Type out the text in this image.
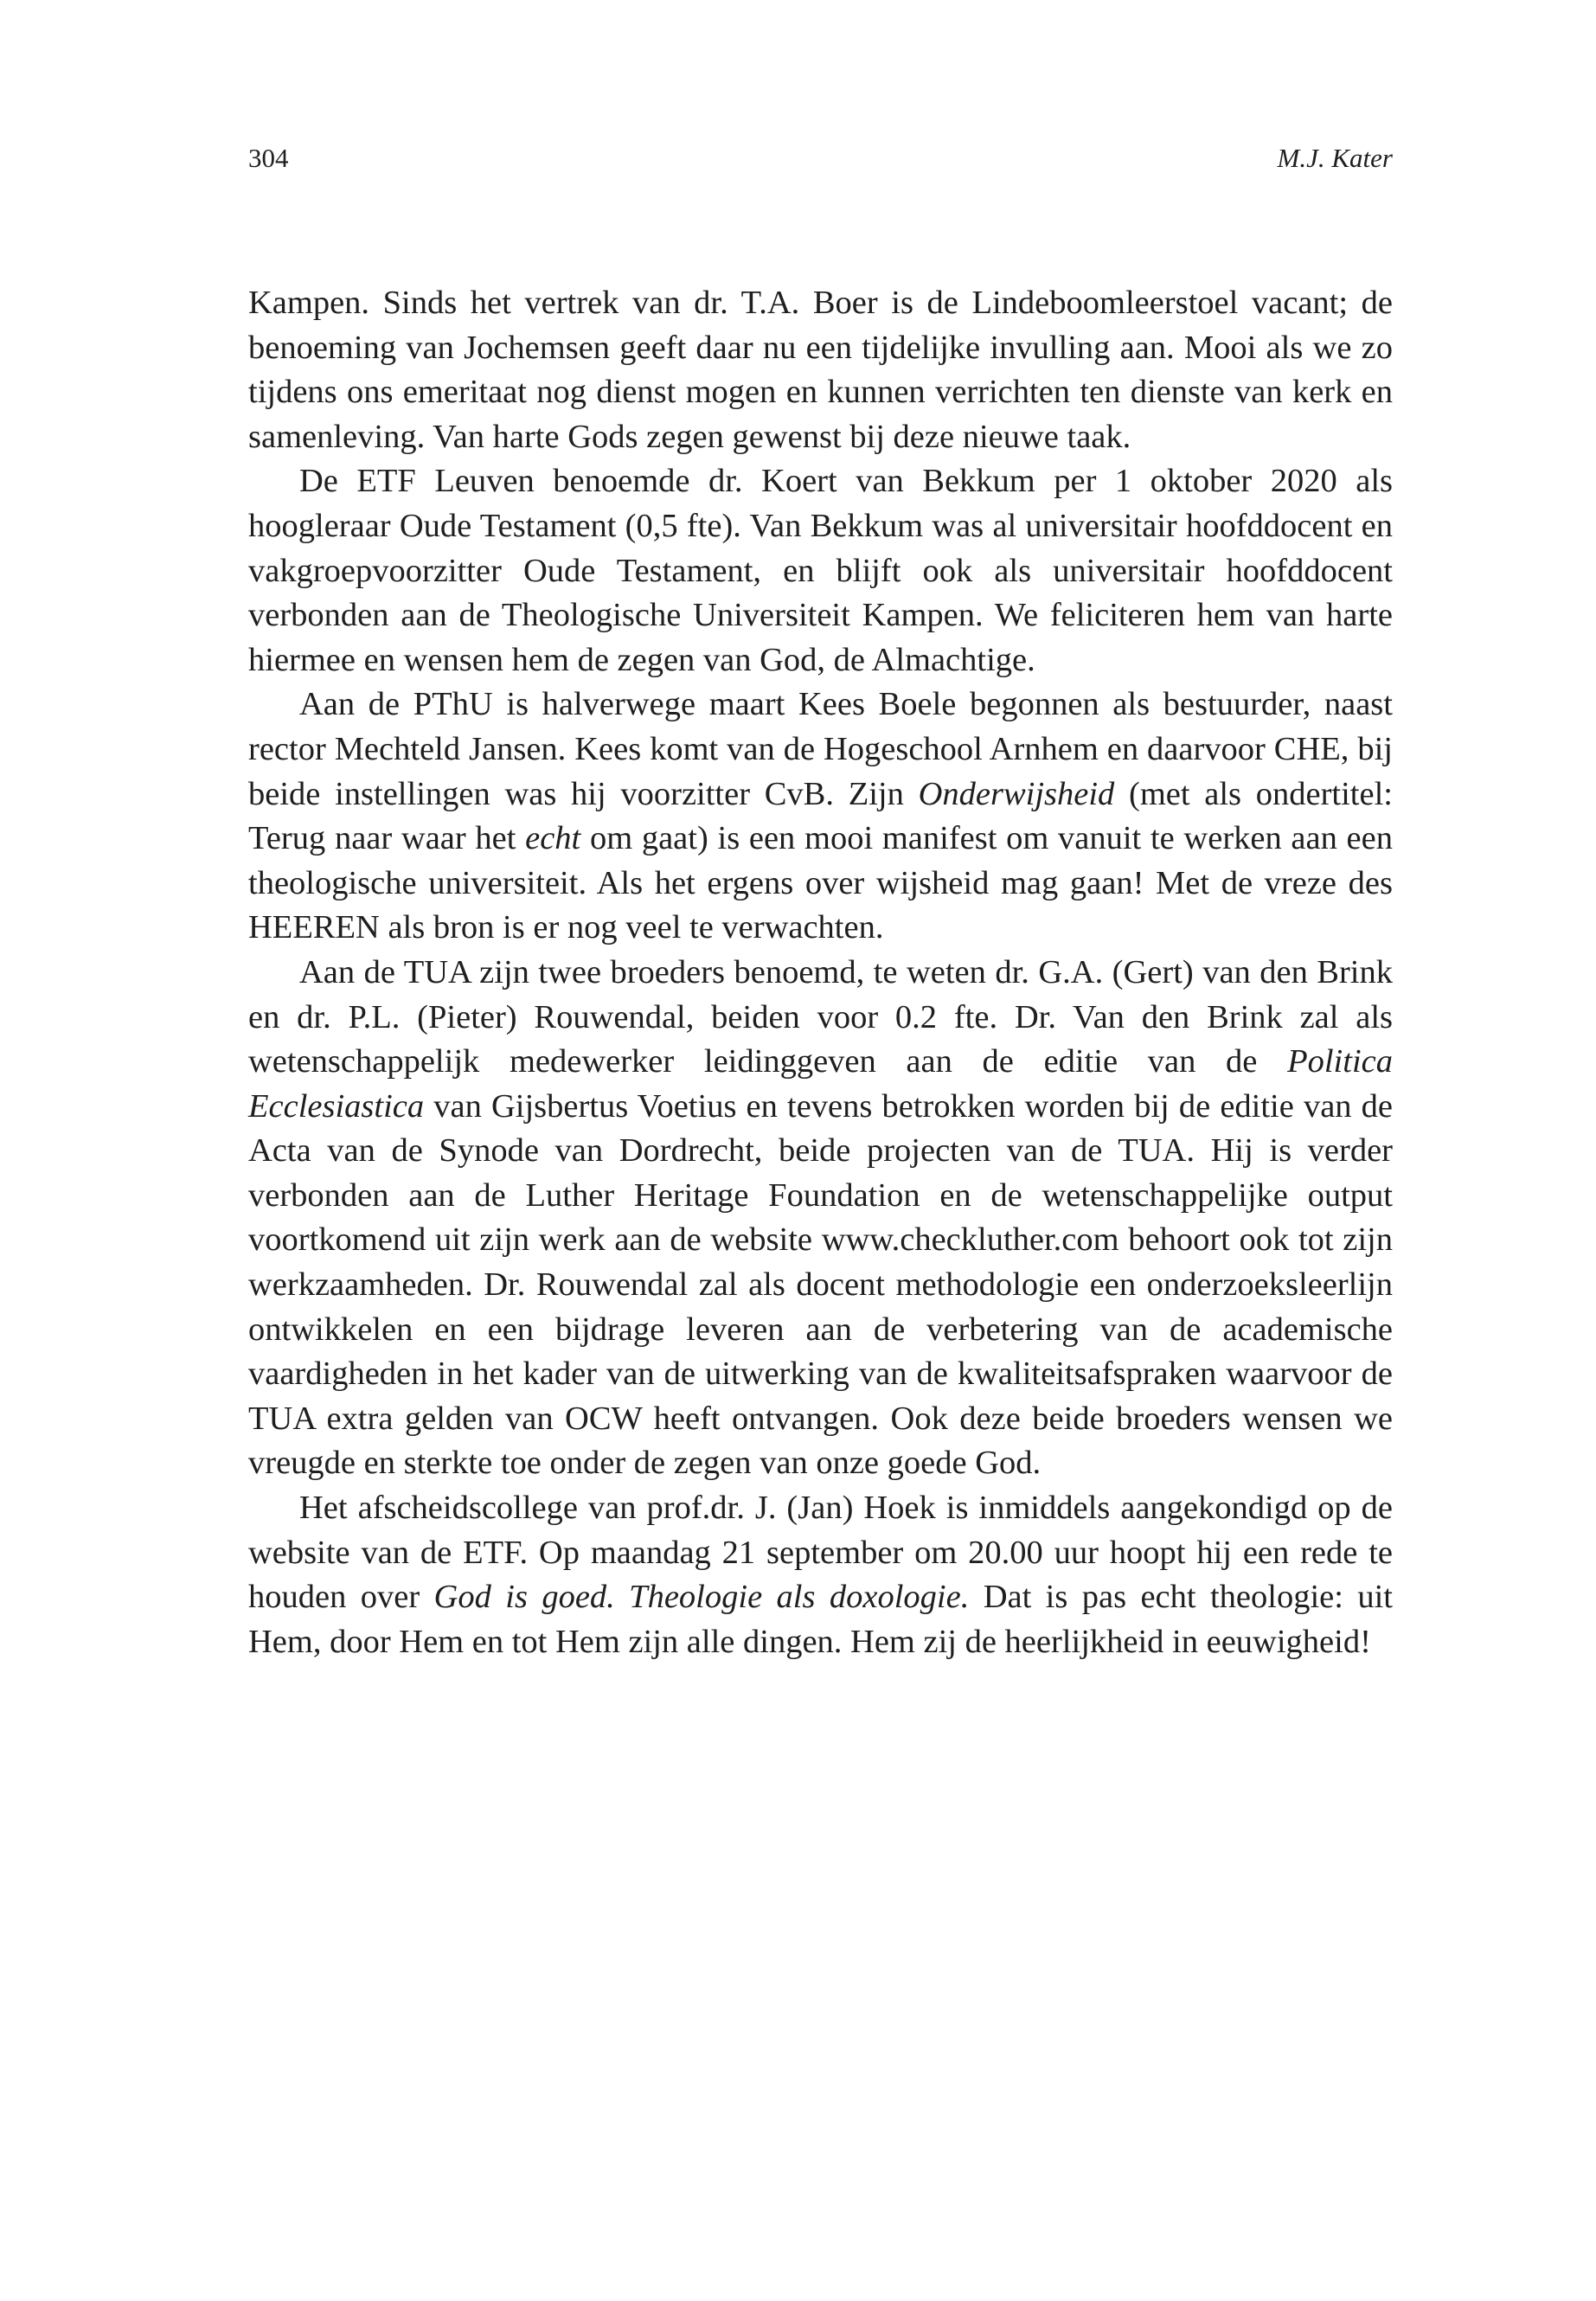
304	M.J. Kater

Kampen. Sinds het vertrek van dr. T.A. Boer is de Lindeboomleerstoel vacant; de benoeming van Jochemsen geeft daar nu een tijdelijke invulling aan. Mooi als we zo tijdens ons emeritaat nog dienst mogen en kunnen verrichten ten dienste van kerk en samenleving. Van harte Gods zegen gewenst bij deze nieuwe taak.

De ETF Leuven benoemde dr. Koert van Bekkum per 1 oktober 2020 als hoogleraar Oude Testament (0,5 fte). Van Bekkum was al universitair hoofddocent en vakgroepvoorzitter Oude Testament, en blijft ook als universitair hoofddocent verbonden aan de Theologische Universiteit Kampen. We feliciteren hem van harte hiermee en wensen hem de zegen van God, de Almachtige.

Aan de PThU is halverwege maart Kees Boele begonnen als bestuurder, naast rector Mechteld Jansen. Kees komt van de Hogeschool Arnhem en daarvoor CHE, bij beide instellingen was hij voorzitter CvB. Zijn Onderwijsheid (met als ondertitel: Terug naar waar het echt om gaat) is een mooi manifest om vanuit te werken aan een theologische universiteit. Als het ergens over wijsheid mag gaan! Met de vreze des HEEREN als bron is er nog veel te verwachten.

Aan de TUA zijn twee broeders benoemd, te weten dr. G.A. (Gert) van den Brink en dr. P.L. (Pieter) Rouwendal, beiden voor 0.2 fte. Dr. Van den Brink zal als wetenschappelijk medewerker leidinggeven aan de editie van de Politica Ecclesiastica van Gijsbertus Voetius en tevens betrokken worden bij de editie van de Acta van de Synode van Dordrecht, beide projecten van de TUA. Hij is verder verbonden aan de Luther Heritage Foundation en de wetenschappelijke output voortkomend uit zijn werk aan de website www.​checkluther.com behoort ook tot zijn werkzaamheden. Dr. Rouwendal zal als docent methodologie een onderzoeksleerlijn ontwikkelen en een bijdrage leveren aan de verbetering van de academische vaardigheden in het kader van de uitwerking van de kwaliteitsafspraken waarvoor de TUA extra gelden van OCW heeft ontvangen. Ook deze beide broeders wensen we vreugde en sterkte toe onder de zegen van onze goede God.

Het afscheidscollege van prof.dr. J. (Jan) Hoek is inmiddels aangekondigd op de website van de ETF. Op maandag 21 september om 20.00 uur hoopt hij een rede te houden over God is goed. Theologie als doxologie. Dat is pas echt theologie: uit Hem, door Hem en tot Hem zijn alle dingen. Hem zij de heerlijkheid in eeuwigheid!
